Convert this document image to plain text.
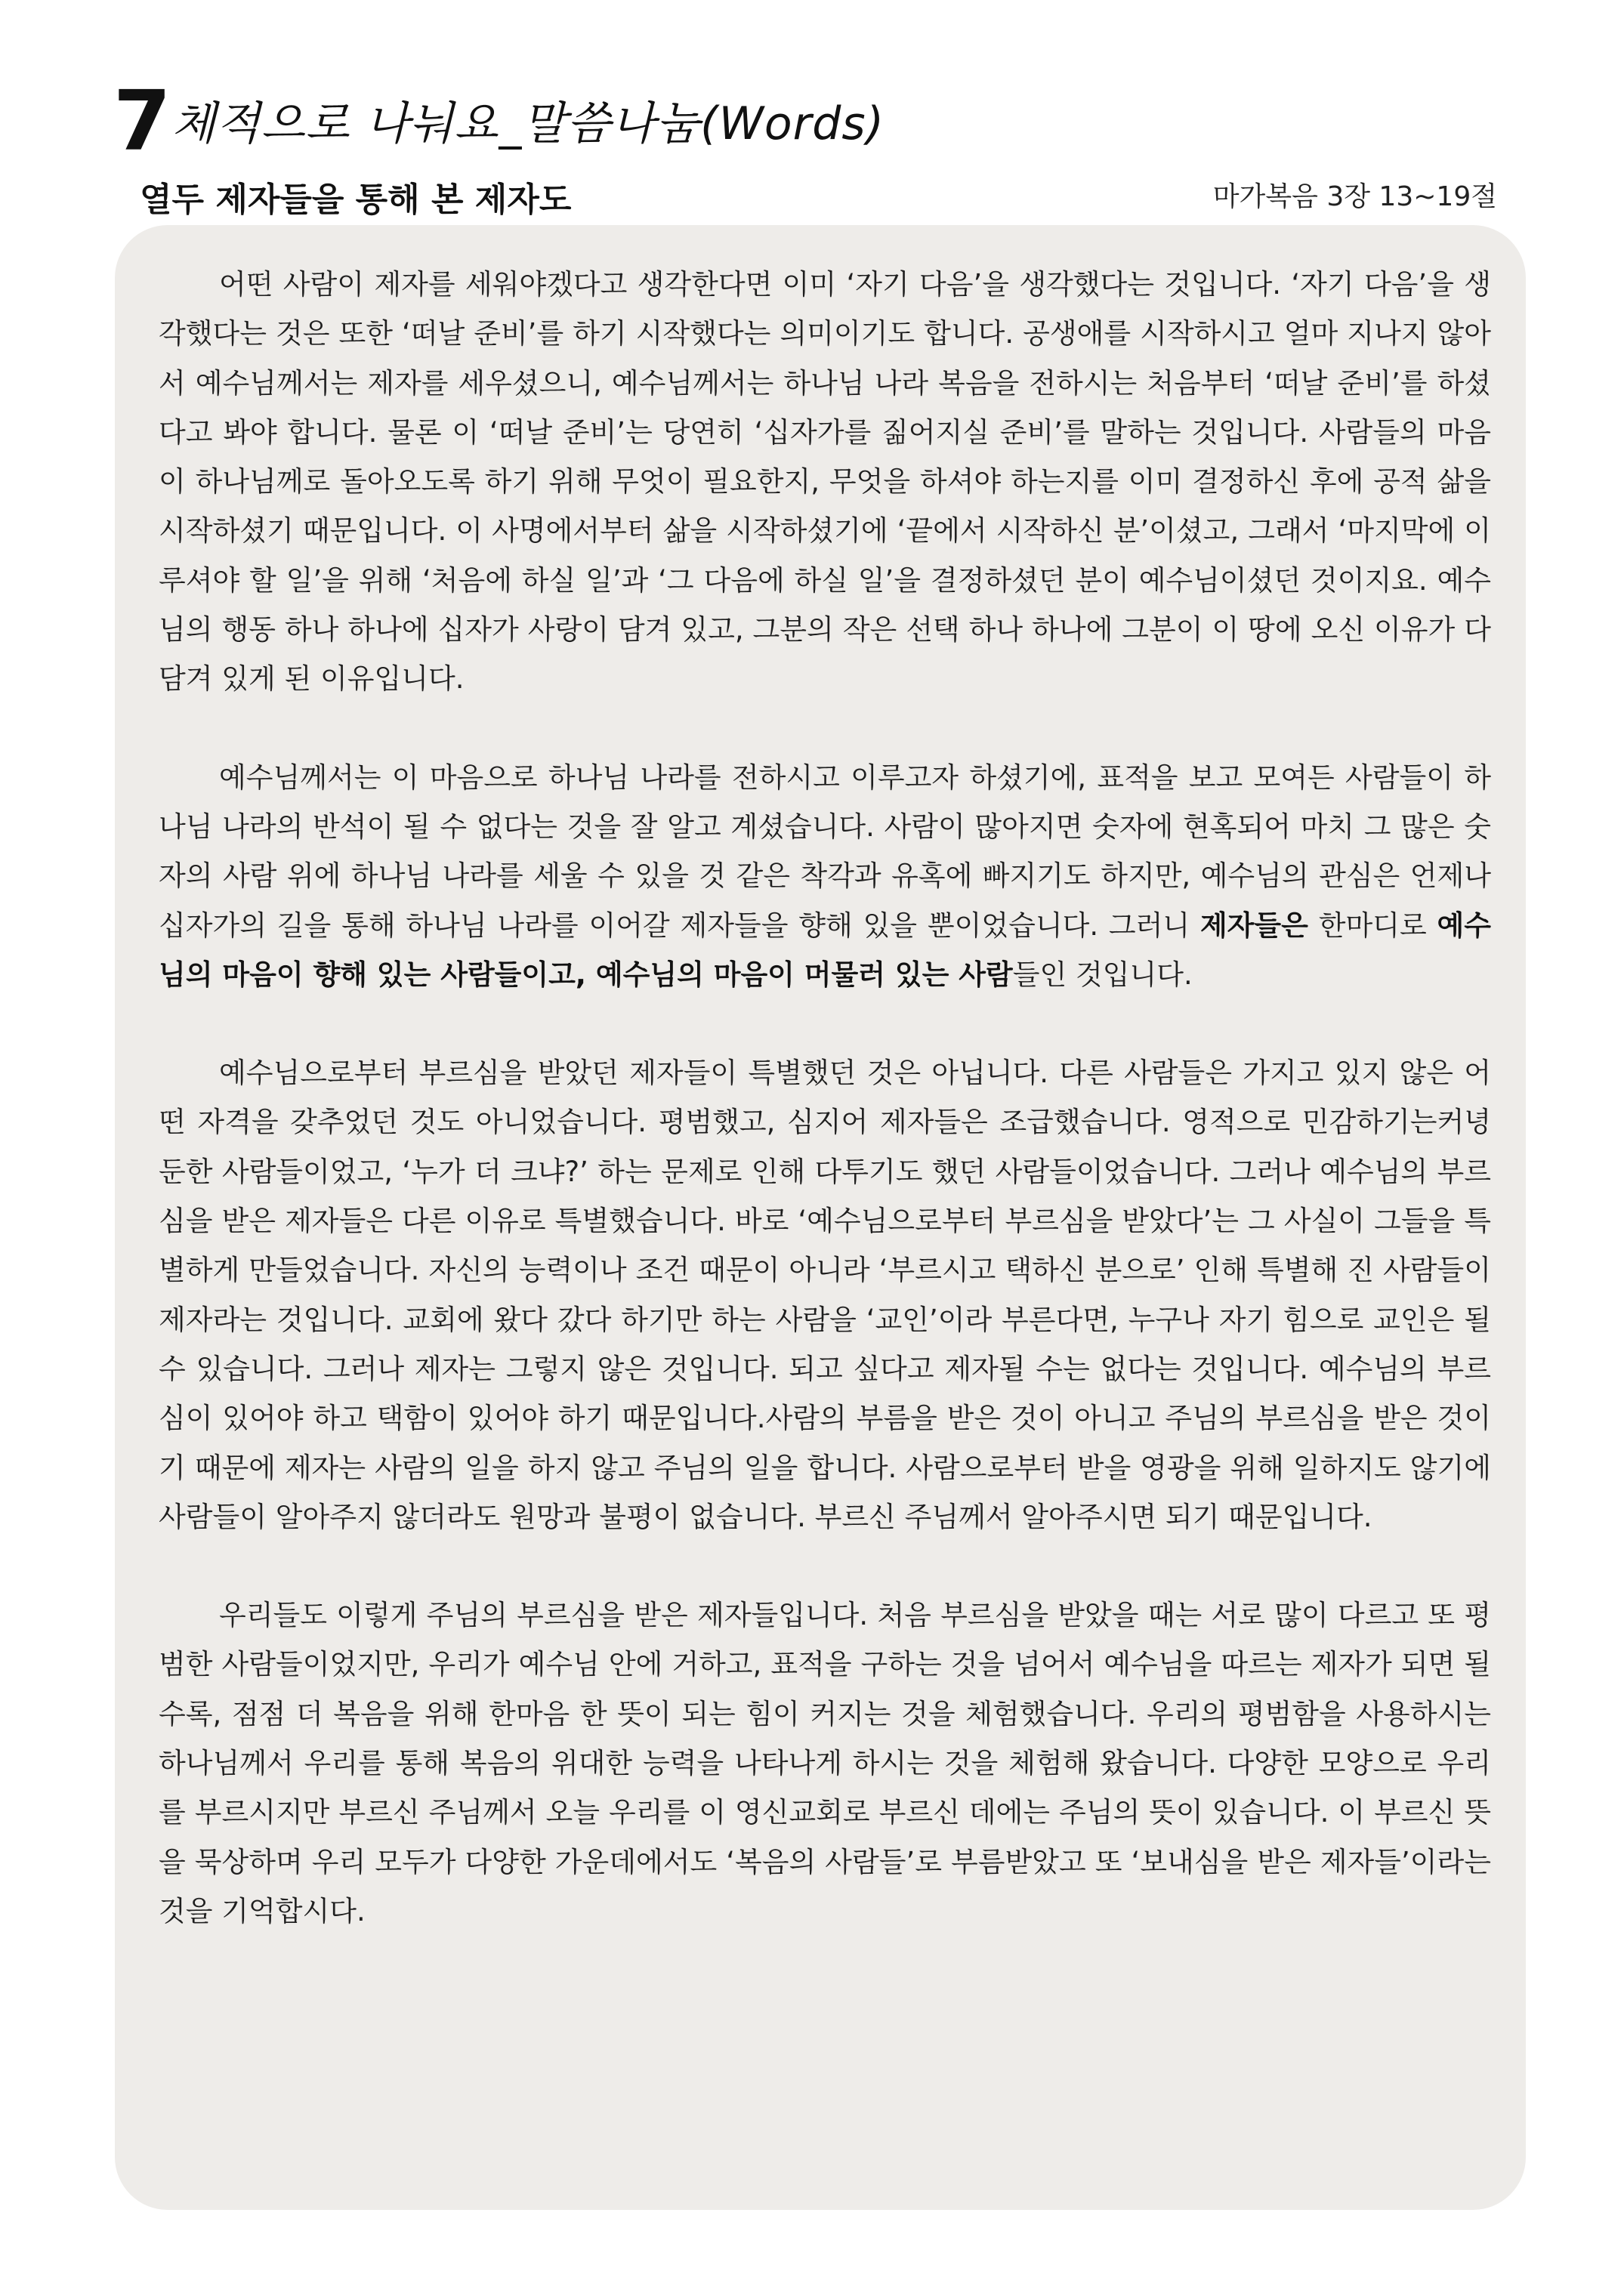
7체적으로 나눠요_말씀나눔(Words)
열두 제자들을 통해 본 제자도	마가복음 3장 13~19절

어떤 사람이 제자를 세워야겠다고 생각한다면 이미 ‘자기 다음’을 생각했다는 것입니다. ‘자기 다음’을 생각했다는 것은 또한 ‘떠날 준비’를 하기 시작했다는 의미이기도 합니다. 공생애를 시작하시고 얼마 지나지 않아서 예수님께서는 제자를 세우셨으니, 예수님께서는 하나님 나라 복음을 전하시는 처음부터 ‘떠날 준비’를 하셨다고 봐야 합니다. 물론 이 ‘떠날 준비’는 당연히 ‘십자가를 짊어지실 준비’를 말하는 것입니다. 사람들의 마음이 하나님께로 돌아오도록 하기 위해 무엇이 필요한지, 무엇을 하셔야 하는지를 이미 결정하신 후에 공적 삶을 시작하셨기 때문입니다. 이 사명에서부터 삶을 시작하셨기에 ‘끝에서 시작하신 분’이셨고, 그래서 ‘마지막에 이루셔야 할 일’을 위해 ‘처음에 하실 일’과 ‘그 다음에 하실 일’을 결정하셨던 분이 예수님이셨던 것이지요. 예수님의 행동 하나 하나에 십자가 사랑이 담겨 있고, 그분의 작은 선택 하나 하나에 그분이 이 땅에 오신 이유가 다 담겨 있게 된 이유입니다.

예수님께서는 이 마음으로 하나님 나라를 전하시고 이루고자 하셨기에, 표적을 보고 모여든 사람들이 하나님 나라의 반석이 될 수 없다는 것을 잘 알고 계셨습니다. 사람이 많아지면 숫자에 현혹되어 마치 그 많은 숫자의 사람 위에 하나님 나라를 세울 수 있을 것 같은 착각과 유혹에 빠지기도 하지만, 예수님의 관심은 언제나 십자가의 길을 통해 하나님 나라를 이어갈 제자들을 향해 있을 뿐이었습니다. 그러니 제자들은 한마디로 예수님의 마음이 향해 있는 사람들이고, 예수님의 마음이 머물러 있는 사람들인 것입니다.

예수님으로부터 부르심을 받았던 제자들이 특별했던 것은 아닙니다. 다른 사람들은 가지고 있지 않은 어떤 자격을 갖추었던 것도 아니었습니다. 평범했고, 심지어 제자들은 조급했습니다. 영적으로 민감하기는커녕 둔한 사람들이었고, ‘누가 더 크냐?’ 하는 문제로 인해 다투기도 했던 사람들이었습니다. 그러나 예수님의 부르심을 받은 제자들은 다른 이유로 특별했습니다. 바로 ‘예수님으로부터 부르심을 받았다’는 그 사실이 그들을 특별하게 만들었습니다. 자신의 능력이나 조건 때문이 아니라 ‘부르시고 택하신 분으로’ 인해 특별해 진 사람들이 제자라는 것입니다. 교회에 왔다 갔다 하기만 하는 사람을 ‘교인’이라 부른다면, 누구나 자기 힘으로 교인은 될 수 있습니다. 그러나 제자는 그렇지 않은 것입니다. 되고 싶다고 제자될 수는 없다는 것입니다. 예수님의 부르심이 있어야 하고 택함이 있어야 하기 때문입니다.사람의 부름을 받은 것이 아니고 주님의 부르심을 받은 것이기 때문에 제자는 사람의 일을 하지 않고 주님의 일을 합니다. 사람으로부터 받을 영광을 위해 일하지도 않기에 사람들이 알아주지 않더라도 원망과 불평이 없습니다. 부르신 주님께서 알아주시면 되기 때문입니다.

우리들도 이렇게 주님의 부르심을 받은 제자들입니다. 처음 부르심을 받았을 때는 서로 많이 다르고 또 평범한 사람들이었지만, 우리가 예수님 안에 거하고, 표적을 구하는 것을 넘어서 예수님을 따르는 제자가 되면 될수록, 점점 더 복음을 위해 한마음 한 뜻이 되는 힘이 커지는 것을 체험했습니다. 우리의 평범함을 사용하시는 하나님께서 우리를 통해 복음의 위대한 능력을 나타나게 하시는 것을 체험해 왔습니다. 다양한 모양으로 우리를 부르시지만 부르신 주님께서 오늘 우리를 이 영신교회로 부르신 데에는 주님의 뜻이 있습니다. 이 부르신 뜻을 묵상하며 우리 모두가 다양한 가운데에서도 ‘복음의 사람들’로 부름받았고 또 ‘보내심을 받은 제자들’이라는 것을 기억합시다.
